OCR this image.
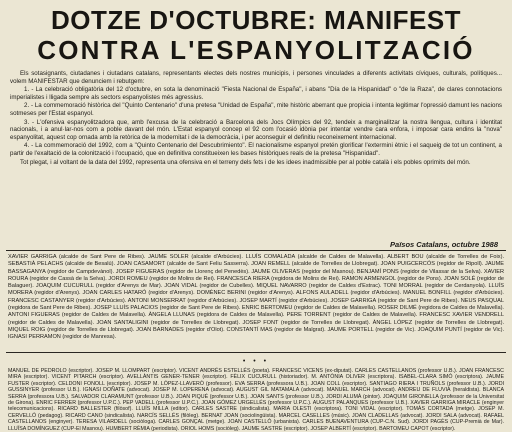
DOTZE D'OCTUBRE: MANIFEST
CONTRA L'ESPANYOLITZACIÓ

Els sotasignants, ciutadanes i ciutadans catalans, representants electes dels nostres municipis, i persones vinculades a diferents activitats cíviques, culturals, polítiques... volem MANIFESTAR que denunciem i rebutgem:

1. - La celebració obligatòria del 12 d'octubre, en sota la denominació "Fiesta Nacional de España", i abans "Día de la Hispanidad" o "de la Raza", de clares connotacions imperialistes i lligada sempre als sectors espanyolistes més agressius.

2. - La commemoració històrica del "Quinto Centenario" d'una pretesa "Unidad de España", mite històric aberrant que propicia i intenta legitimar l'opressió damunt les nacions sotmeses per l'Estat espanyol.

3. - L'ofensiva espanyolitzadora que, amb l'excusa de la celebració a Barcelona dels Jocs Olímpics del 92, tendeix a marginalitzar la nostra llengua, cultura i identitat nacionals, i a anul·lar-nos com a poble davant del món. L'Estat espanyol concep el 92 com l'ocasió idònia per intentar vendre cara enfora, i imposar cara endins la "nova" espanyolitat, aquest cop ornada amb la retòrica de la modernitat i de la democràcia, i per aconseguir el definitiu reconeixement internacional.

4. - La commemoració del 1992, com a "Quinto Centenario del Descubrimiento". El nacionalisme espanyol pretén glorificar l'extermini ètnic i el saqueig de tot un continent, a partir de l'exaltació de la colonització i l'ocupació, que en definitiva constitueixen les bases històriques reals de la pretesa "Hispanidad".

Tot plegat, i al voltant de la data del 1992, representa una ofensiva en el terreny dels fets i de les idees inadmissible per al poble català i els pobles oprimits del món.

Països Catalans, octubre 1988
XAVIER GARRIGA (alcalde de Sant Pere de Ribes). JAUME SOLER (alcalde d'Arbúcies). LLUÍS COMALADA (alcalde de Caldes de Malavella). ALBERT BOU (alcalde de Torrelles de Foix). SEBASTIÀ PELACHS (alcalde de Besalú). JOAN CASAMORT (alcalde de Sant Feliu Sasserra). JOAN REMELL (alcalde de Torrelles de Llobregat). JOAN PUIGCERCÓS (regidor de Ripoll). JAUME BASSAGANYA (regidor de Campdevànol). JOSEP FIGUERAS (regidor de Llorenç del Penedès). JAUME OLIVERAS (regidor del Masnou). BENJAMÍ PONS (regidor de Vilassar de la Selva). XAVIER ROURA (regidor de Cassà de la Selva). JORDI ROMEU (regidor de Molins de Rei). FRANCESCA RIERA (regidora de Molins de Rei). RAMON ARMENGOL (regidor de Pons). JOAN SOLÉ (regidor de Balaguer). JOAQUIM CUCURULL (regidor d'Arenys de Mar). JOAN VIDAL (regidor de Cubelles). MIQUEL NAVARRO (regidor de Caldes d'Estrac). TONI MORRAL (regidor de Cerdanyola). LLUÍS MORERA (regidor d'Arenys). JOAN CARLES HATARÓ (regidor d'Arenys). DOMÈNEC BERINI (regidor d'Arenys). ALFONS AULADELL (regidor d'Arbúcies). MANUEL BONFILL (regidor d'Arbúcies). FRANCESC CASTANYER (regidor d'Arbúcies). ANTONI MONSERRAT (regidor d'Arbúcies). JOSEP MARTÍ (regidor d'Arbúcies). JOSEP GARRIGA (regidor de Sant Pere de Ribes). NEUS PASQUAL (regidora de Sant Pere de Ribes). JOSEP LLUÍS PALACIOS (regidor de Sant Pere de Ribes). ENRIC BERTOMEU (regidor de Caldes de Malavella). ROSER DILMÉ (regidora de Caldes de Malavella). ANTONI FIGUERAS (regidor de Caldes de Malavella). ÀNGELA LLUNAS (regidora de Caldes de Malavella). PERE TORRENT (regidor de Caldes de Malavella). FRANCESC XAVIER VENDRELL (regidor de Caldes de Malavella). JOAN SANTALIGINI (regidor de Torrelles de Llobregat). JOSEP FONT (regidor de Torrelles de Llobregat). ÀNGEL LÓPEZ (regidor de Torrelles de Llobregat). MIQUEL ROIG (regidor de Torrelles de Llobregat). JOAN BARNADES (regidor d'Olot). CONSTANTÍ MAS (regidor de Malgrat). JAUME PORTELL (regidor de Vic). JOAQUIM PUNTÍ (regidor de Vic). IGNASI PERRAMON (regidor de Manresa).
• • •
MANUEL DE PEDROLO (escriptor). JOSEP M. LLOMPART (escriptor). VICENT ANDRÉS ESTELLÉS (poeta). FRANCESC VICENS (ex-diputat). CARLES CASTELLANOS (professor U.B.). JOAN FRANCESC MIRA (escriptor). VICENT PITARCH (escriptor). AVELLÀNTIS GENER-TENER (escriptor). FÈLIX CUCURULL (historiador). M. ANTÒNIA OLIVER (escriptora). ISABEL-CLARA SIMÓ (escriptora). JAUME FUSTER (escriptor). CELDONI FONOLL (escriptor). JOSEP M. LÓPEZ-LLAVERÒ (professor). EVA SERRA (professora U.B.). JOAN COLL (escriptor). SANTIAGO RIERA I TRUÑOLS (professor U.B.). JORDI GUSSINYER (professor U.B.). IGNASI DOÑATE (advocat). JOSEP M. LOPERENA (advocat). AUGUST GIL MATAMALA (advocat). MANUEL MARCH (advocat). ANDREU DE FLUVIÀ (heraldista). BLANCA SERRA (professora U.B.). SALVADOR CLARAMUNT (professor U.B.). JOAN PIQUÉ (professor U.B.). JOAN SANTS (professor U.B.). JORDI ALUMÀ (pintor). JOAQUIM GIRONELLA (professor de la Universitat de Girona). ENRIC FERRER (professor U.P.C.). PEP VADELL (professor U.P.C.). JOAN GÓMEZ URGELLÉS (professor U.P.C.). AUGUST PALANQUES (professor U.B.). XAVIER GARRIGA MIRACLE (enginyer telecomunicacions). RICARD BALLESTER (filòsof). LLUÍS MILLA (editor). CARLES SASTRE (sindicalista). MARIA OLESTI (escriptora). TONI VIDAL (escriptor). TOMÀS CORTADA (metge). JOSEP M. CERVELLÓ (pedagog). RICARD CANO (sindicalista). NARCÍS SELLÉS (filòleg). BERNAT JOAN (sociolingüista). MARCEL CASELLES (músic). JOAN CLADELLAS (advocat). JORDI SALA (advocat). RAFAEL CASTELLANOS (enginyer). TERESA VILARDELL (sociòloga). CARLES GONÇAL (metge). JOAN CASTELLÓ (urbanista). CARLES BUENAVENTURA (CUP-C.N. Sud). JORDI PAGÈS (CUP-Premià de Mar). LLUÏSA DOMÍNGUEZ (CUP-El Masnou). HUMBERT RÈMIA (periodista). ORIOL HOMS (sociòleg). JAUME SASTRE (escriptor). JOSEP ALBERTÍ (escriptor). BARTOMEU CAPOT (escriptor).
